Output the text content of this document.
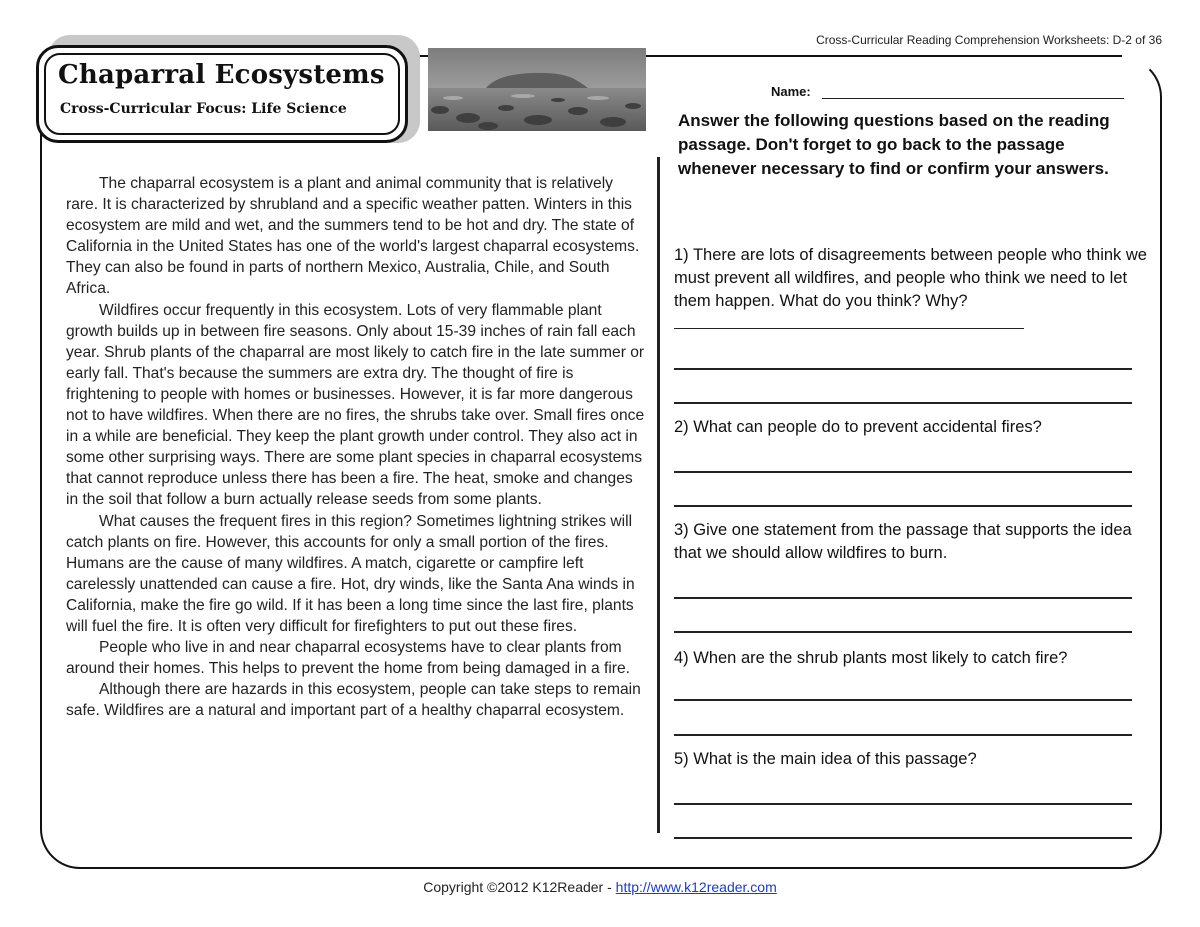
Cross-Curricular Reading Comprehension Worksheets: D-2 of 36
Chaparral Ecosystems
Cross-Curricular Focus: Life Science

The chaparral ecosystem is a plant and animal community that is relatively rare. It is characterized by shrubland and a specific weather patten. Winters in this ecosystem are mild and wet, and the summers tend to be hot and dry. The state of California in the United States has one of the world's largest chaparral ecosystems. They can also be found in parts of northern Mexico, Australia, Chile, and South Africa.

Wildfires occur frequently in this ecosystem. Lots of very flammable plant growth builds up in between fire seasons. Only about 15-39 inches of rain fall each year. Shrub plants of the chaparral are most likely to catch fire in the late summer or early fall. That's because the summers are extra dry. The thought of fire is frightening to people with homes or businesses. However, it is far more dangerous not to have wildfires. When there are no fires, the shrubs take over. Small fires once in a while are beneficial. They keep the plant growth under control. They also act in some other surprising ways. There are some plant species in chaparral ecosystems that cannot reproduce unless there has been a fire. The heat, smoke and changes in the soil that follow a burn actually release seeds from some plants.

What causes the frequent fires in this region? Sometimes lightning strikes will catch plants on fire. However, this accounts for only a small portion of the fires. Humans are the cause of many wildfires. A match, cigarette or campfire left carelessly unattended can cause a fire. Hot, dry winds, like the Santa Ana winds in California, make the fire go wild. If it has been a long time since the last fire, plants will fuel the fire. It is often very difficult for firefighters to put out these fires.

People who live in and near chaparral ecosystems have to clear plants from around their homes. This helps to prevent the home from being damaged in a fire.

Although there are hazards in this ecosystem, people can take steps to remain safe. Wildfires are a natural and important part of a healthy chaparral ecosystem.

Name:
Answer the following questions based on the reading passage. Don't forget to go back to the passage whenever necessary to find or confirm your answers.
1) There are lots of disagreements between people who think we must prevent all wildfires, and people who think we need to let them happen. What do you think? Why?
2) What can people do to prevent accidental fires?
3) Give one statement from the passage that supports the idea that we should allow wildfires to burn.
4) When are the shrub plants most likely to catch fire?
5) What is the main idea of this passage?
Copyright ©2012 K12Reader - http://www.k12reader.com
